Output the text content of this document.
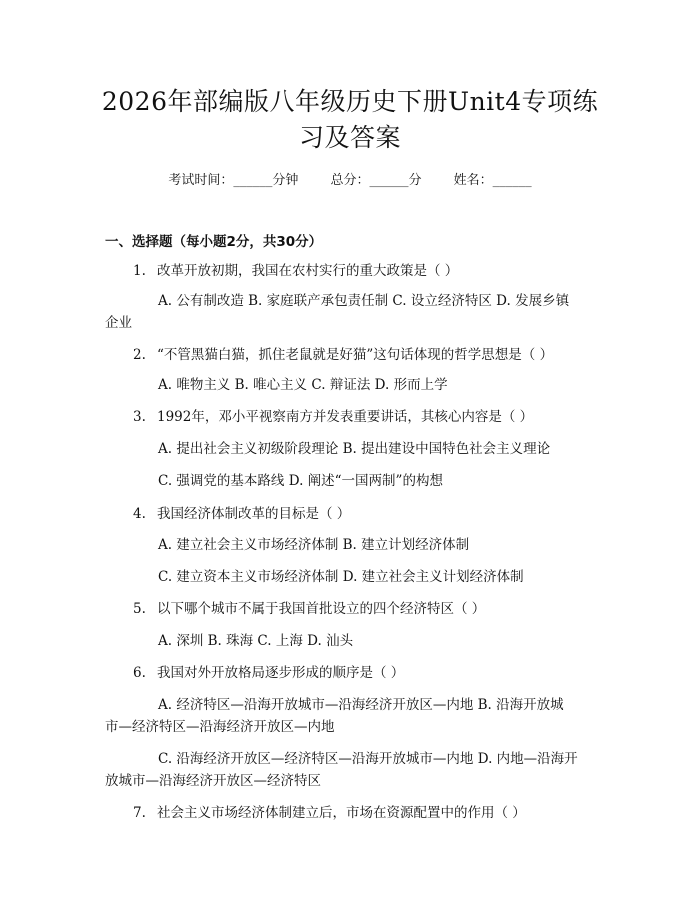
2026年部编版八年级历史下册Unit4专项练
习及答案
考试时间：______分钟 总分：______分 姓名：______
一、选择题（每小题2分，共30分）
1. 改革开放初期，我国在农村实行的重大政策是（ ）
A. 公有制改造 B. 家庭联产承包责任制 C. 设立经济特区 D. 发展乡镇
企业
2. “不管黑猫白猫，抓住老鼠就是好猫”这句话体现的哲学思想是（ ）
A. 唯物主义 B. 唯心主义 C. 辩证法 D. 形而上学
3. 1992年，邓小平视察南方并发表重要讲话，其核心内容是（ ）
A. 提出社会主义初级阶段理论 B. 提出建设中国特色社会主义理论
C. 强调党的基本路线 D. 阐述“一国两制”的构想
4. 我国经济体制改革的目标是（ ）
A. 建立社会主义市场经济体制 B. 建立计划经济体制
C. 建立资本主义市场经济体制 D. 建立社会主义计划经济体制
5. 以下哪个城市不属于我国首批设立的四个经济特区（ ）
A. 深圳 B. 珠海 C. 上海 D. 汕头
6. 我国对外开放格局逐步形成的顺序是（ ）
A. 经济特区—沿海开放城市—沿海经济开放区—内地 B. 沿海开放城
市—经济特区—沿海经济开放区—内地
C. 沿海经济开放区—经济特区—沿海开放城市—内地 D. 内地—沿海开
放城市—沿海经济开放区—经济特区
7. 社会主义市场经济体制建立后，市场在资源配置中的作用（ ）
